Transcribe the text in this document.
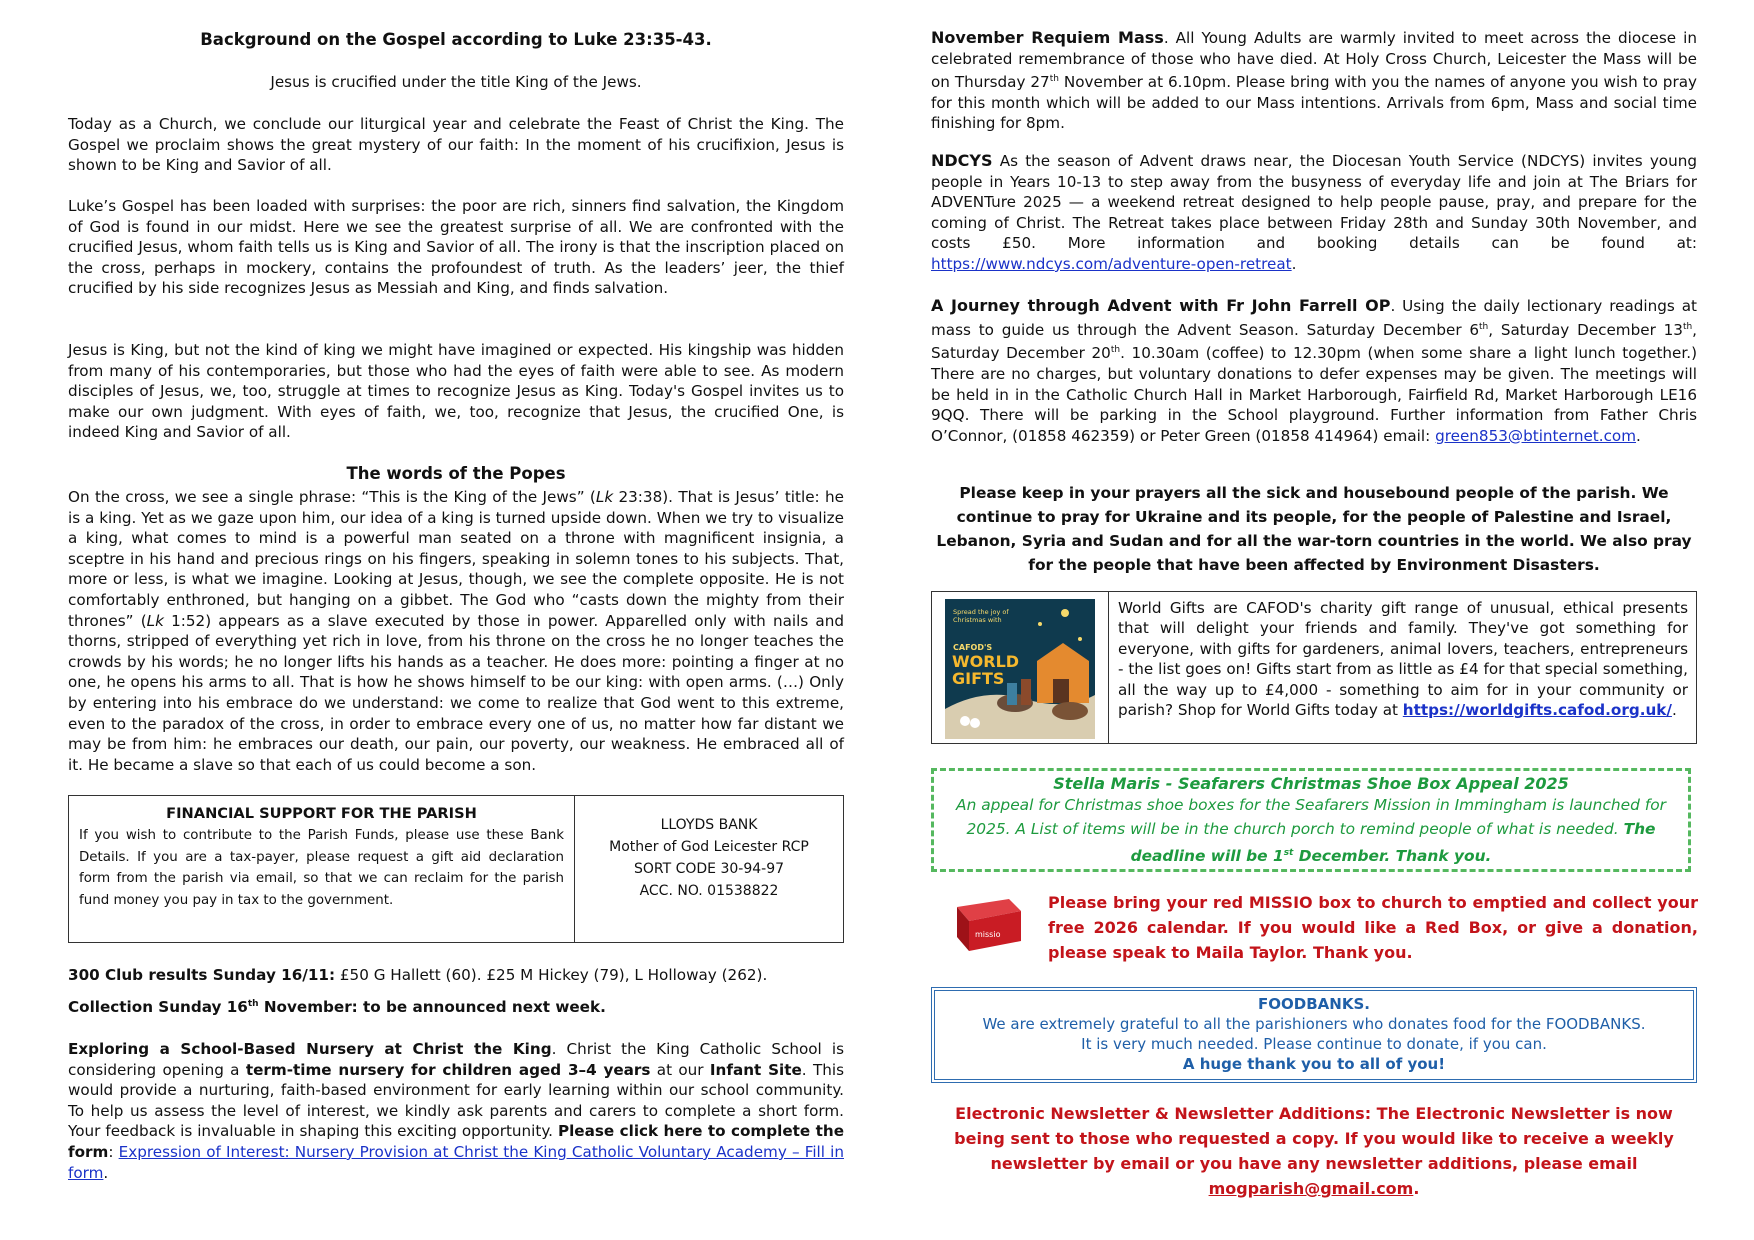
Background on the Gospel according to Luke 23:35-43.

Jesus is crucified under the title King of the Jews.

Today as a Church, we conclude our liturgical year and celebrate the Feast of Christ the King. The Gospel we proclaim shows the great mystery of our faith: In the moment of his crucifixion, Jesus is shown to be King and Savior of all.

Luke’s Gospel has been loaded with surprises: the poor are rich, sinners find salvation, the Kingdom of God is found in our midst. Here we see the greatest surprise of all. We are confronted with the crucified Jesus, whom faith tells us is King and Savior of all. The irony is that the inscription placed on the cross, perhaps in mockery, contains the profoundest of truth. As the leaders’ jeer, the thief crucified by his side recognizes Jesus as Messiah and King, and finds salvation.

Jesus is King, but not the kind of king we might have imagined or expected. His kingship was hidden from many of his contemporaries, but those who had the eyes of faith were able to see. As modern disciples of Jesus, we, too, struggle at times to recognize Jesus as King. Today's Gospel invites us to make our own judgment. With eyes of faith, we, too, recognize that Jesus, the crucified One, is indeed King and Savior of all.

The words of the Popes

On the cross, we see a single phrase: “This is the King of the Jews” (Lk 23:38). That is Jesus’ title: he is a king. Yet as we gaze upon him, our idea of a king is turned upside down. When we try to visualize a king, what comes to mind is a powerful man seated on a throne with magnificent insignia, a sceptre in his hand and precious rings on his fingers, speaking in solemn tones to his subjects. That, more or less, is what we imagine. Looking at Jesus, though, we see the complete opposite. He is not comfortably enthroned, but hanging on a gibbet. The God who “casts down the mighty from their thrones” (Lk 1:52) appears as a slave executed by those in power. Apparelled only with nails and thorns, stripped of everything yet rich in love, from his throne on the cross he no longer teaches the crowds by his words; he no longer lifts his hands as a teacher. He does more: pointing a finger at no one, he opens his arms to all. That is how he shows himself to be our king: with open arms. (…) Only by entering into his embrace do we understand: we come to realize that God went to this extreme, even to the paradox of the cross, in order to embrace every one of us, no matter how far distant we may be from him: he embraces our death, our pain, our poverty, our weakness. He embraced all of it. He became a slave so that each of us could become a son.

FINANCIAL SUPPORT FOR THE PARISH

If you wish to contribute to the Parish Funds, please use these Bank Details. If you are a tax-payer, please request a gift aid declaration form from the parish via email, so that we can reclaim for the parish fund money you pay in tax to the government.

LLOYDS BANK
Mother of God Leicester RCP
SORT CODE 30-94-97
ACC. NO. 01538822

300 Club results Sunday 16/11: £50 G Hallett (60). £25 M Hickey (79), L Holloway (262).

Collection Sunday 16th November: to be announced next week.

Exploring a School-Based Nursery at Christ the King. Christ the King Catholic School is considering opening a term-time nursery for children aged 3–4 years at our Infant Site. This would provide a nurturing, faith-based environment for early learning within our school community. To help us assess the level of interest, we kindly ask parents and carers to complete a short form. Your feedback is invaluable in shaping this exciting opportunity. Please click here to complete the form: Expression of Interest: Nursery Provision at Christ the King Catholic Voluntary Academy – Fill in form.

November Requiem Mass. All Young Adults are warmly invited to meet across the diocese in celebrated remembrance of those who have died. At Holy Cross Church, Leicester the Mass will be on Thursday 27th November at 6.10pm. Please bring with you the names of anyone you wish to pray for this month which will be added to our Mass intentions. Arrivals from 6pm, Mass and social time finishing for 8pm.

NDCYS As the season of Advent draws near, the Diocesan Youth Service (NDCYS) invites young people in Years 10-13 to step away from the busyness of everyday life and join at The Briars for ADVENTure 2025 — a weekend retreat designed to help people pause, pray, and prepare for the coming of Christ. The Retreat takes place between Friday 28th and Sunday 30th November, and costs £50. More information and booking details can be found at: https://www.ndcys.com/adventure-open-retreat.

A Journey through Advent with Fr John Farrell OP. Using the daily lectionary readings at mass to guide us through the Advent Season. Saturday December 6th, Saturday December 13th, Saturday December 20th. 10.30am (coffee) to 12.30pm (when some share a light lunch together.) There are no charges, but voluntary donations to defer expenses may be given. The meetings will be held in in the Catholic Church Hall in Market Harborough, Fairfield Rd, Market Harborough LE16 9QQ. There will be parking in the School playground. Further information from Father Chris O’Connor, (01858 462359) or Peter Green (01858 414964) email: green853@btinternet.com.

Please keep in your prayers all the sick and housebound people of the parish. We continue to pray for Ukraine and its people, for the people of Palestine and Israel, Lebanon, Syria and Sudan and for all the war-torn countries in the world. We also pray for the people that have been affected by Environment Disasters.

Spread the joy of Christmas with
CAFOD'S
WORLD
GIFTS

World Gifts are CAFOD's charity gift range of unusual, ethical presents that will delight your friends and family. They've got something for everyone, with gifts for gardeners, animal lovers, teachers, entrepreneurs - the list goes on! Gifts start from as little as £4 for that special something, all the way up to £4,000 - something to aim for in your community or parish? Shop for World Gifts today at https://worldgifts.cafod.org.uk/.

Stella Maris - Seafarers Christmas Shoe Box Appeal 2025

An appeal for Christmas shoe boxes for the Seafarers Mission in Immingham is launched for 2025. A List of items will be in the church porch to remind people of what is needed. The deadline will be 1st December. Thank you.

missio

Please bring your red MISSIO box to church to emptied and collect your free 2026 calendar. If you would like a Red Box, or give a donation, please speak to Maila Taylor. Thank you.

FOODBANKS.

We are extremely grateful to all the parishioners who donates food for the FOODBANKS.

It is very much needed. Please continue to donate, if you can.

A huge thank you to all of you!

Electronic Newsletter & Newsletter Additions: The Electronic Newsletter is now being sent to those who requested a copy. If you would like to receive a weekly newsletter by email or you have any newsletter additions, please email mogparish@gmail.com.
